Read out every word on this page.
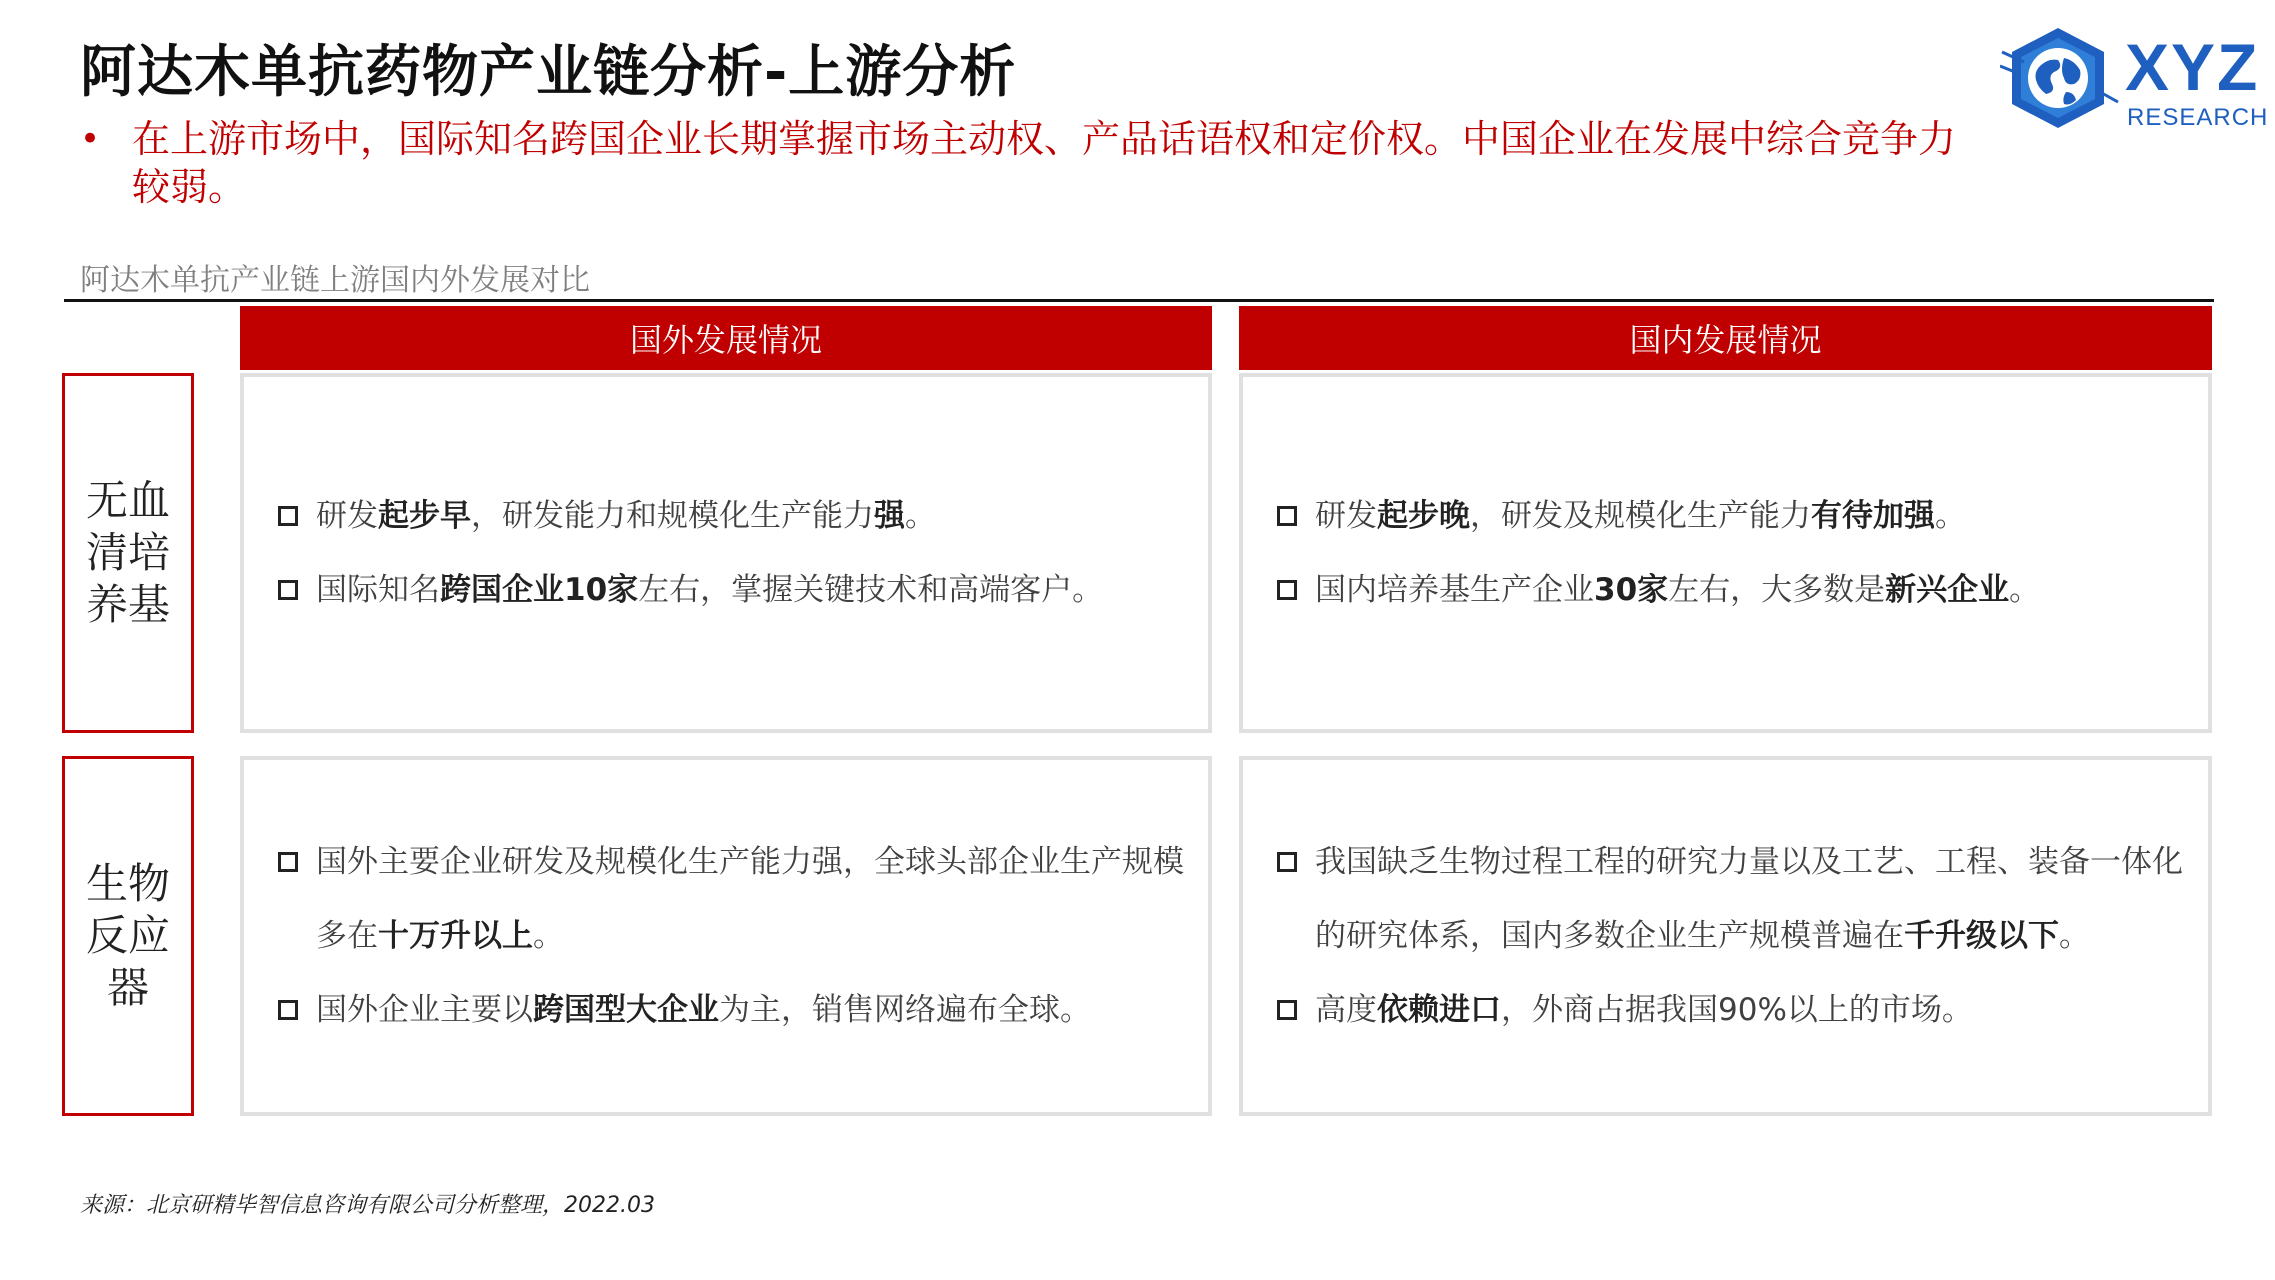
阿达木单抗药物产业链分析-上游分析
• 在上游市场中，国际知名跨国企业长期掌握市场主动权、产品话语权和定价权。中国企业在发展中综合竞争力较弱。
XYZ
RESEARCH
阿达木单抗产业链上游国内外发展对比
国外发展情况	国内发展情况
无血
清培
养基
生物
反应
器
研发起步早，研发能力和规模化生产能力强。
国际知名跨国企业10家左右，掌握关键技术和高端客户。
研发起步晚，研发及规模化生产能力有待加强。
国内培养基生产企业30家左右，大多数是新兴企业。
国外主要企业研发及规模化生产能力强，全球头部企业生产规模多在十万升以上。
国外企业主要以跨国型大企业为主，销售网络遍布全球。
我国缺乏生物过程工程的研究力量以及工艺、工程、装备一体化的研究体系，国内多数企业生产规模普遍在千升级以下。
高度依赖进口，外商占据我国90%以上的市场。
来源：北京研精毕智信息咨询有限公司分析整理，2022.03
